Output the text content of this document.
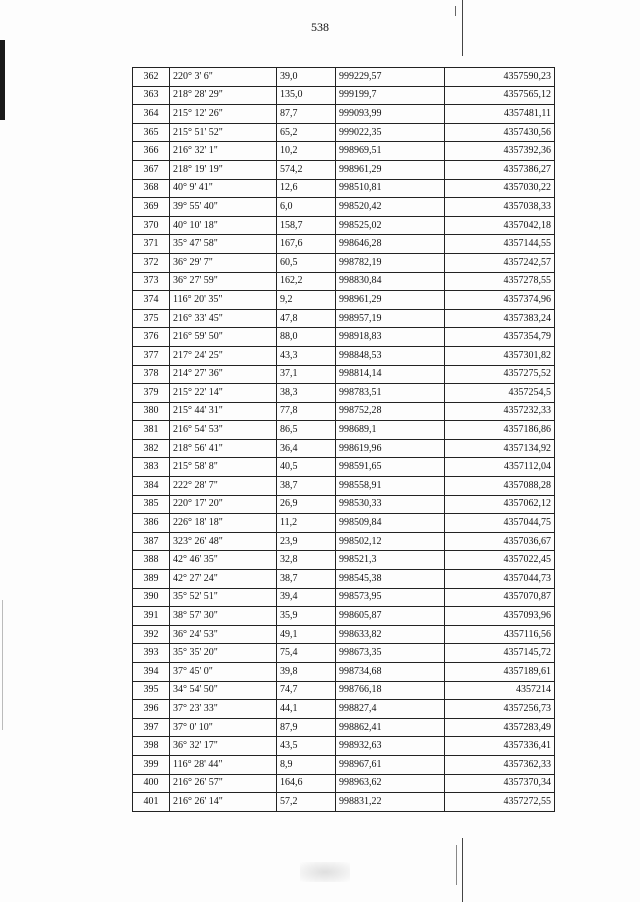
538
362	220° 3' 6"	39,0	999229,57	4357590,23
363	218° 28' 29"	135,0	999199,7	4357565,12
364	215° 12' 26"	87,7	999093,99	4357481,11
365	215° 51' 52"	65,2	999022,35	4357430,56
366	216° 32' 1"	10,2	998969,51	4357392,36
367	218° 19' 19"	574,2	998961,29	4357386,27
368	40° 9' 41"	12,6	998510,81	4357030,22
369	39° 55' 40"	6,0	998520,42	4357038,33
370	40° 10' 18"	158,7	998525,02	4357042,18
371	35° 47' 58"	167,6	998646,28	4357144,55
372	36° 29' 7"	60,5	998782,19	4357242,57
373	36° 27' 59"	162,2	998830,84	4357278,55
374	116° 20' 35"	9,2	998961,29	4357374,96
375	216° 33' 45"	47,8	998957,19	4357383,24
376	216° 59' 50"	88,0	998918,83	4357354,79
377	217° 24' 25"	43,3	998848,53	4357301,82
378	214° 27' 36"	37,1	998814,14	4357275,52
379	215° 22' 14"	38,3	998783,51	4357254,5
380	215° 44' 31"	77,8	998752,28	4357232,33
381	216° 54' 53"	86,5	998689,1	4357186,86
382	218° 56' 41"	36,4	998619,96	4357134,92
383	215° 58' 8"	40,5	998591,65	4357112,04
384	222° 28' 7"	38,7	998558,91	4357088,28
385	220° 17' 20"	26,9	998530,33	4357062,12
386	226° 18' 18"	11,2	998509,84	4357044,75
387	323° 26' 48"	23,9	998502,12	4357036,67
388	42° 46' 35"	32,8	998521,3	4357022,45
389	42° 27' 24"	38,7	998545,38	4357044,73
390	35° 52' 51"	39,4	998573,95	4357070,87
391	38° 57' 30"	35,9	998605,87	4357093,96
392	36° 24' 53"	49,1	998633,82	4357116,56
393	35° 35' 20"	75,4	998673,35	4357145,72
394	37° 45' 0"	39,8	998734,68	4357189,61
395	34° 54' 50"	74,7	998766,18	4357214
396	37° 23' 33"	44,1	998827,4	4357256,73
397	37° 0' 10"	87,9	998862,41	4357283,49
398	36° 32' 17"	43,5	998932,63	4357336,41
399	116° 28' 44"	8,9	998967,61	4357362,33
400	216° 26' 57"	164,6	998963,62	4357370,34
401	216° 26' 14"	57,2	998831,22	4357272,55
